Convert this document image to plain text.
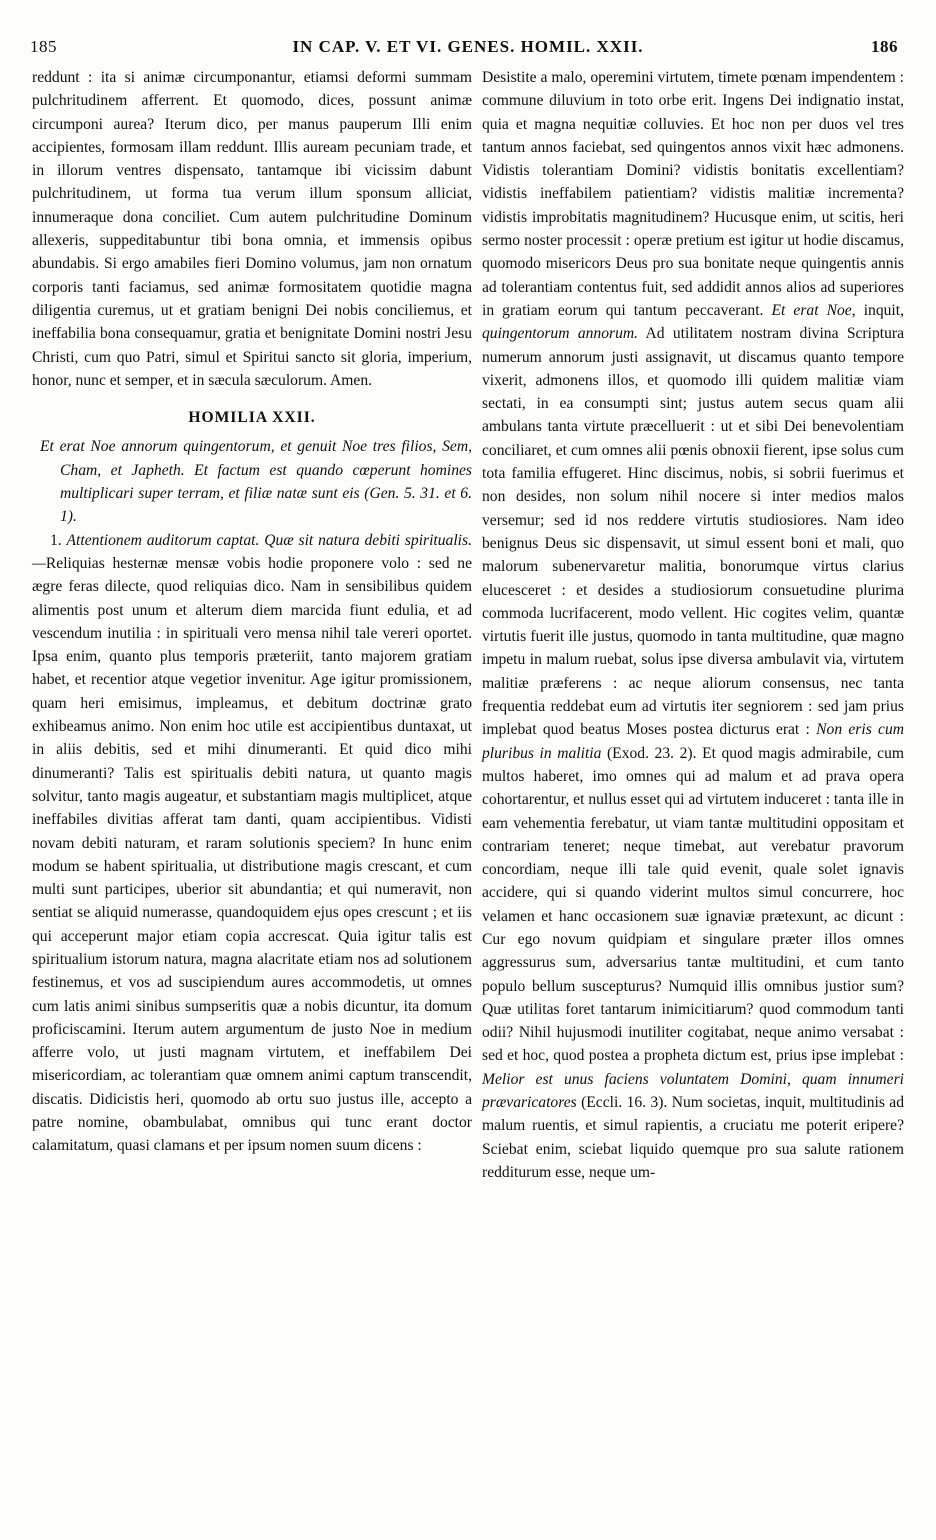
185	IN CAP. V. ET VI. GENES. HOMIL. XXII.	186

reddunt : ita si animæ circumponantur, etiamsi deformi summam pulchritudinem afferrent. Et quomodo, dices, possunt animæ circumponi aurea? Iterum dico, per manus pauperum Illi enim accipientes, formosam illam reddunt. Illis auream pecuniam trade, et in illorum ventres dispensato, tantamque ibi vicissim dabunt pulchritudinem, ut forma tua verum illum sponsum alliciat, innumeraque dona conciliet. Cum autem pulchritudine Dominum allexeris, suppeditabuntur tibi bona omnia, et immensis opibus abundabis. Si ergo amabiles fieri Domino volumus, jam non ornatum corporis tanti faciamus, sed animæ formositatem quotidie magna diligentia curemus, ut et gratiam benigni Dei nobis conciliemus, et ineffabilia bona consequamur, gratia et benignitate Domini nostri Jesu Christi, cum quo Patri, simul et Spiritui sancto sit gloria, imperium, honor, nunc et semper, et in sæcula sæculorum. Amen.

HOMILIA XXII.

Et erat Noe annorum quingentorum, et genuit Noe tres filios, Sem, Cham, et Japheth. Et factum est quando cœperunt homines multiplicari super terram, et filiæ natæ sunt eis (Gen. 5. 31. et 6. 1).

1. Attentionem auditorum captat. Quæ sit natura debiti spiritualis. —Reliquias hesternæ mensæ vobis hodie proponere volo : sed ne ægre feras dilecte, quod reliquias dico. Nam in sensibilibus quidem alimentis post unum et alterum diem marcida fiunt edulia, et ad vescendum inutilia : in spirituali vero mensa nihil tale vereri oportet. Ipsa enim, quanto plus temporis præteriit, tanto majorem gratiam habet, et recentior atque vegetior invenitur. Age igitur promissionem, quam heri emisimus, impleamus, et debitum doctrinæ grato exhibeamus animo. Non enim hoc utile est accipientibus duntaxat, ut in aliis debitis, sed et mihi dinumeranti. Et quid dico mihi dinumeranti? Talis est spiritualis debiti natura, ut quanto magis solvitur, tanto magis augeatur, et substantiam magis multiplicet, atque ineffabiles divitias afferat tam danti, quam accipientibus. Vidisti novam debiti naturam, et raram solutionis speciem? In hunc enim modum se habent spiritualia, ut distributione magis crescant, et cum multi sunt participes, uberior sit abundantia; et qui numeravit, non sentiat se aliquid numerasse, quandoquidem ejus opes crescunt ; et iis qui acceperunt major etiam copia accrescat. Quia igitur talis est spiritualium istorum natura, magna alacritate etiam nos ad solutionem festinemus, et vos ad suscipiendum aures accommodetis, ut omnes cum latis animi sinibus sumpseritis quæ a nobis dicuntur, ita domum proficiscamini. Iterum autem argumentum de justo Noe in medium afferre volo, ut justi magnam virtutem, et ineffabilem Dei misericordiam, ac tolerantiam quæ omnem animi captum transcendit, discatis. Didicistis heri, quomodo ab ortu suo justus ille, accepto a patre nomine, obambulabat, omnibus qui tunc erant doctor calamitatum, quasi clamans et per ipsum nomen suum dicens :

Desistite a malo, operemini virtutem, timete pœnam impendentem : commune diluvium in toto orbe erit. Ingens Dei indignatio instat, quia et magna nequitiæ colluvies. Et hoc non per duos vel tres tantum annos faciebat, sed quingentos annos vixit hæc admonens. Vidistis tolerantiam Domini? vidistis bonitatis excellentiam? vidistis ineffabilem patientiam? vidistis malitiæ incrementa? vidistis improbitatis magnitudinem? Hucusque enim, ut scitis, heri sermo noster processit : operæ pretium est igitur ut hodie discamus, quomodo misericors Deus pro sua bonitate neque quingentis annis ad tolerantiam contentus fuit, sed addidit annos alios ad superiores in gratiam eorum qui tantum peccaverant. Et erat Noe, inquit, quingentorum annorum. Ad utilitatem nostram divina Scriptura numerum annorum justi assignavit, ut discamus quanto tempore vixerit, admonens illos, et quomodo illi quidem malitiæ viam sectati, in ea consumpti sint; justus autem secus quam alii ambulans tanta virtute præcelluerit : ut et sibi Dei benevolentiam conciliaret, et cum omnes alii pœnis obnoxii fierent, ipse solus cum tota familia effugeret. Hinc discimus, nobis, si sobrii fuerimus et non desides, non solum nihil nocere si inter medios malos versemur; sed id nos reddere virtutis studiosiores. Nam ideo benignus Deus sic dispensavit, ut simul essent boni et mali, quo malorum subenervaretur malitia, bonorumque virtus clarius elucesceret : et desides a studiosiorum consuetudine plurima commoda lucrifacerent, modo vellent. Hic cogites velim, quantæ virtutis fuerit ille justus, quomodo in tanta multitudine, quæ magno impetu in malum ruebat, solus ipse diversa ambulavit via, virtutem malitiæ præferens : ac neque aliorum consensus, nec tanta frequentia reddebat eum ad virtutis iter segniorem : sed jam prius implebat quod beatus Moses postea dicturus erat : Non eris cum pluribus in malitia (Exod. 23. 2). Et quod magis admirabile, cum multos haberet, imo omnes qui ad malum et ad prava opera cohortarentur, et nullus esset qui ad virtutem induceret : tanta ille in eam vehementia ferebatur, ut viam tantæ multitudini oppositam et contrariam teneret; neque timebat, aut verebatur pravorum concordiam, neque illi tale quid evenit, quale solet ignavis accidere, qui si quando viderint multos simul concurrere, hoc velamen et hanc occasionem suæ ignaviæ prætexunt, ac dicunt : Cur ego novum quidpiam et singulare præter illos omnes aggressurus sum, adversarius tantæ multitudini, et cum tanto populo bellum suscepturus? Numquid illis omnibus justior sum? Quæ utilitas foret tantarum inimicitiarum? quod commodum tanti odii? Nihil hujusmodi inutiliter cogitabat, neque animo versabat : sed et hoc, quod postea a propheta dictum est, prius ipse implebat : Melior est unus faciens voluntatem Domini, quam innumeri prævaricatores (Eccli. 16. 3). Num societas, inquit, multitudinis ad malum ruentis, et simul rapientis, a cruciatu me poterit eripere? Sciebat enim, sciebat liquido quemque pro sua salute rationem redditurum esse, neque um-
